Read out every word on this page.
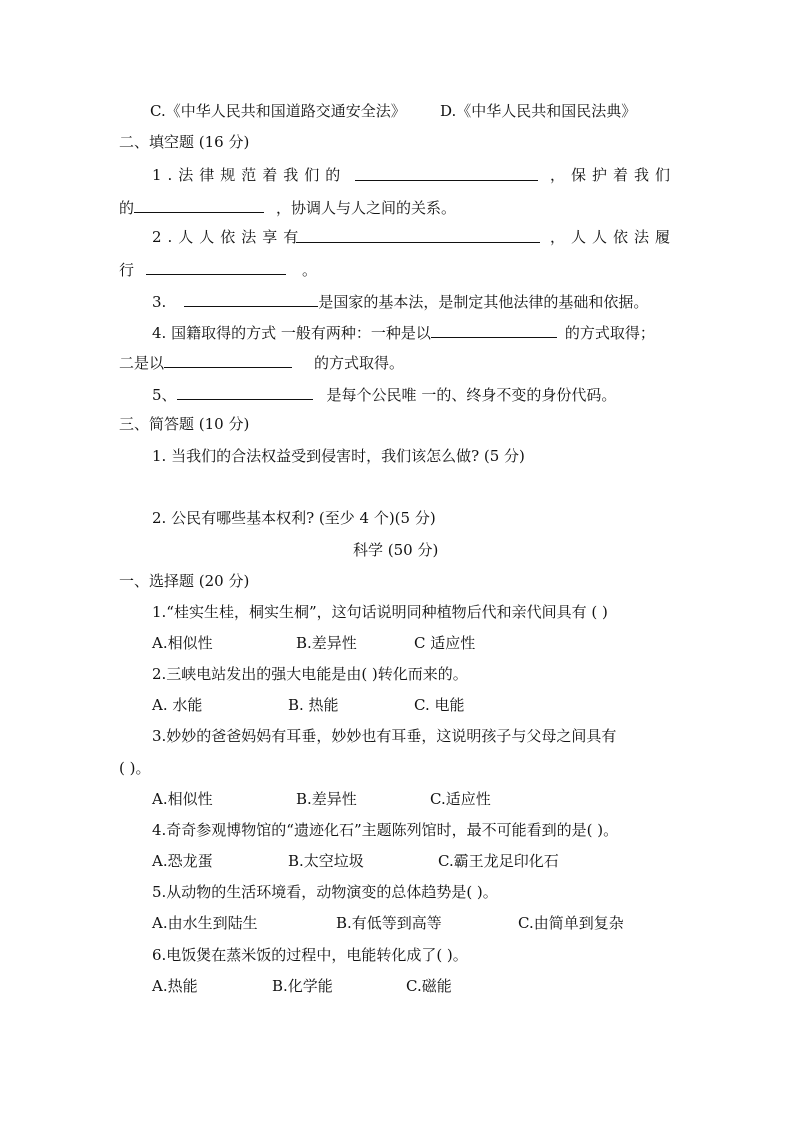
C.《中华人民共和国道路交通安全法》 D.《中华人民共和国民法典》
二、填空题 (16 分)
1.法律规范着我们的	，保护着我们
的	，协调人与人之间的关系。
2.人人依法享有	，人人依法履
行	。
3.	是国家的基本法，是制定其他法律的基础和依据。
4. 国籍取得的方式 一般有两种：一种是以	的方式取得；
二是以	的方式取得。
5、	是每个公民唯 一的、终身不变的身份代码。
三、简答题 (10 分)
1. 当我们的合法权益受到侵害时，我们该怎么做? (5 分)
2. 公民有哪些基本权利? (至少 4 个)(5 分)
科学 (50 分)
一、选择题 (20 分)
1.“桂实生桂，桐实生桐”，这句话说明同种植物后代和亲代间具有 ( )
A.相似性	B.差异性	C 适应性
2.三峡电站发出的强大电能是由( )转化而来的。
A. 水能	B. 热能	C. 电能
3.妙妙的爸爸妈妈有耳垂，妙妙也有耳垂，这说明孩子与父母之间具有
( )。
A.相似性	B.差异性	C.适应性
4.奇奇参观博物馆的“遗迹化石”主题陈列馆时，最不可能看到的是( )。
A.恐龙蛋	B.太空垃圾	C.霸王龙足印化石
5.从动物的生活环境看，动物演变的总体趋势是( )。
A.由水生到陆生	B.有低等到高等	C.由简单到复杂
6.电饭煲在蒸米饭的过程中，电能转化成了( )。
A.热能	B.化学能	C.磁能
